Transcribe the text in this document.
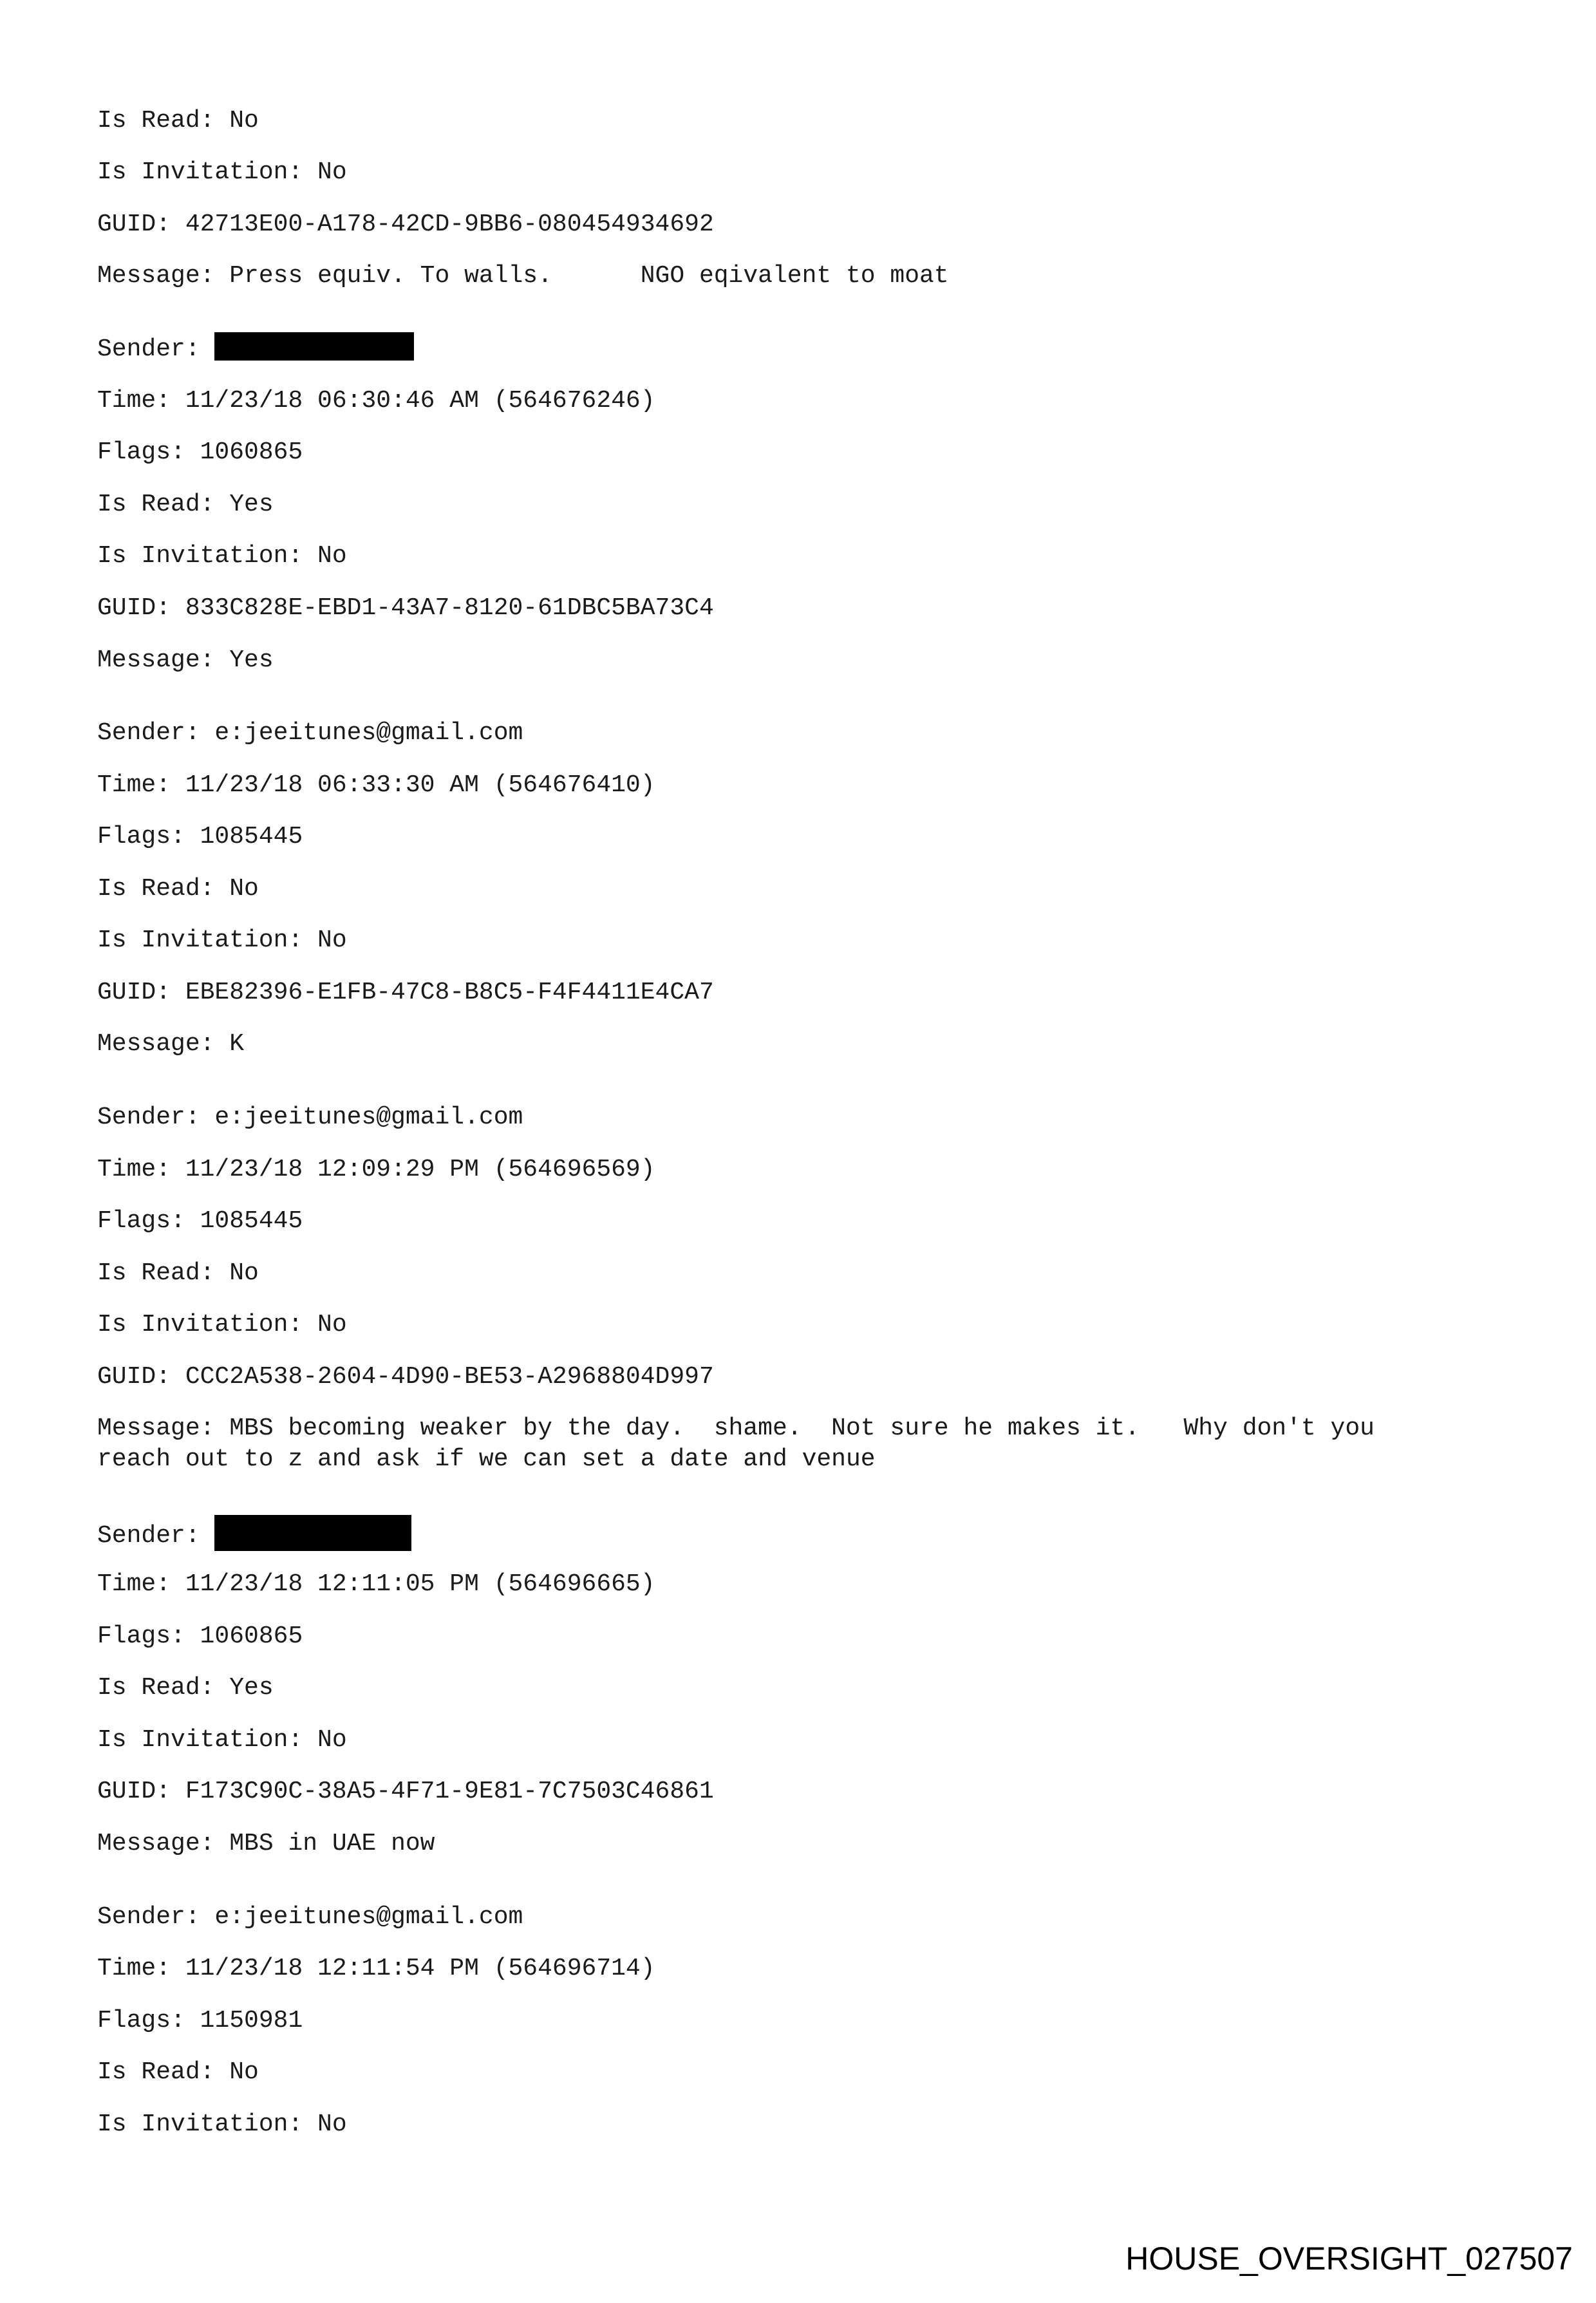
Is Read: No
Is Invitation: No
GUID: 42713E00-A178-42CD-9BB6-080454934692
Message: Press equiv. To walls.      NGO eqivalent to moat
Sender:
Time: 11/23/18 06:30:46 AM (564676246)
Flags: 1060865
Is Read: Yes
Is Invitation: No
GUID: 833C828E-EBD1-43A7-8120-61DBC5BA73C4
Message: Yes
Sender: e:jeeitunes@gmail.com
Time: 11/23/18 06:33:30 AM (564676410)
Flags: 1085445
Is Read: No
Is Invitation: No
GUID: EBE82396-E1FB-47C8-B8C5-F4F4411E4CA7
Message: K
Sender: e:jeeitunes@gmail.com
Time: 11/23/18 12:09:29 PM (564696569)
Flags: 1085445
Is Read: No
Is Invitation: No
GUID: CCC2A538-2604-4D90-BE53-A2968804D997
Message: MBS becoming weaker by the day.  shame.  Not sure he makes it.   Why don't you
reach out to z and ask if we can set a date and venue
Sender:
Time: 11/23/18 12:11:05 PM (564696665)
Flags: 1060865
Is Read: Yes
Is Invitation: No
GUID: F173C90C-38A5-4F71-9E81-7C7503C46861
Message: MBS in UAE now
Sender: e:jeeitunes@gmail.com
Time: 11/23/18 12:11:54 PM (564696714)
Flags: 1150981
Is Read: No
Is Invitation: No
HOUSE_OVERSIGHT_027507
